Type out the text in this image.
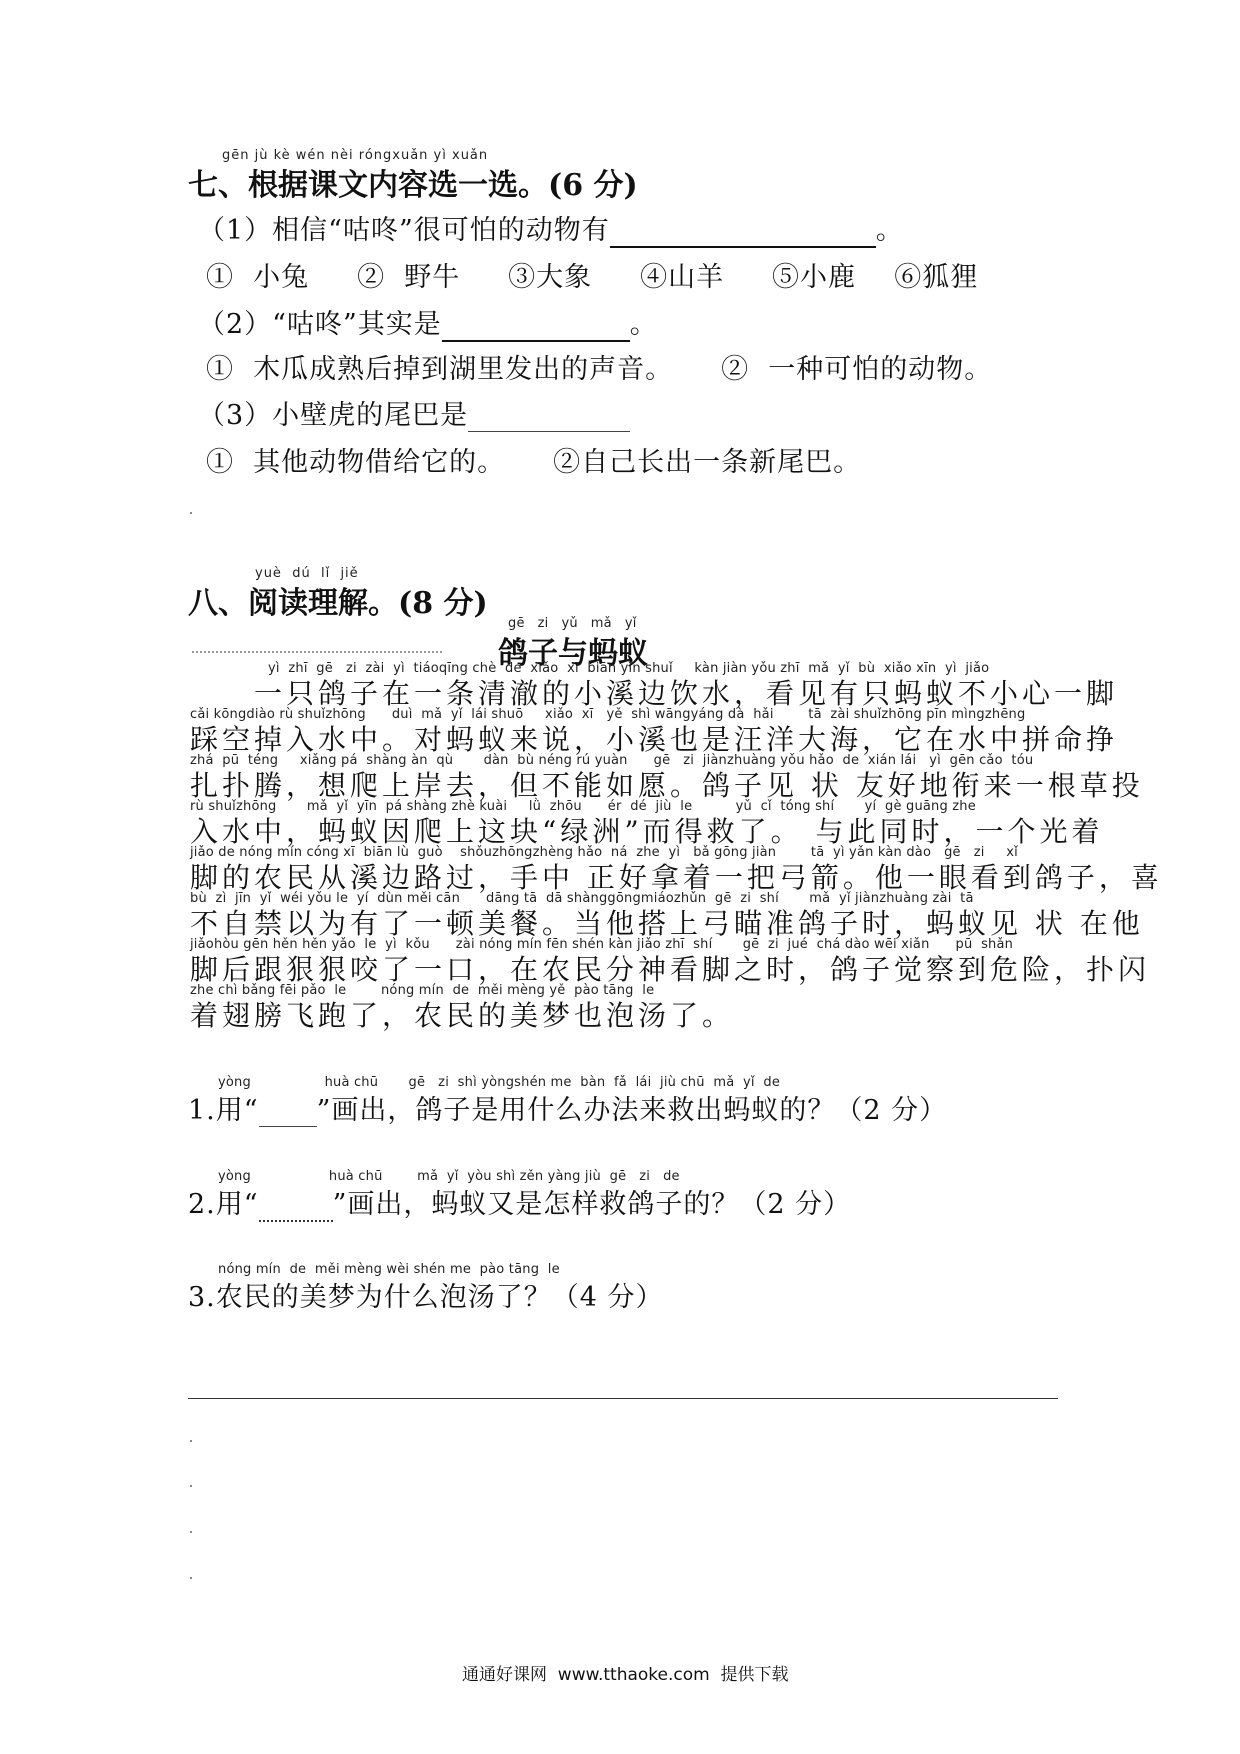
gēn jù kè wén nèi róngxuǎn yì xuǎn
七、根据课文内容选一选。(6 分)
（1）相信“咕咚”很可怕的动物有	。
①  小兔     ②  野牛     ③大象     ④山羊     ⑤小鹿    ⑥狐狸
（2）“咕咚”其实是	。
①  木瓜成熟后掉到湖里发出的声音。     ②  一种可怕的动物。
（3）小壁虎的尾巴是
①  其他动物借给它的。     ②自己长出一条新尾巴。
yuè  dú  lǐ  jiě
八、阅读理解。(8 分)
gē   zi   yǔ   mǎ   yǐ
鸽子与蚂蚁
yì  zhī  gē   zi  zài  yì  tiáoqīng chè  de  xiǎo  xī  biān yǐn shuǐ     kàn jiàn yǒu zhī  mǎ  yǐ  bù  xiǎo xīn  yì  jiǎo
　　一只鸽子在一条清澈的小溪边饮水，看见有只蚂蚁不小心一脚
cǎi kōngdiào rù shuǐzhōng      duì  mǎ  yǐ  lái shuō     xiǎo  xī   yě  shì wāngyáng dà  hǎi        tā  zài shuǐzhōng pīn mìngzhēng
踩空掉入水中。对蚂蚁来说，小溪也是汪洋大海，它在水中拼命挣
zhá  pū  téng     xiǎng pá  shàng àn  qù       dàn  bù néng rú yuàn      gē   zi  jiànzhuàng yǒu hǎo  de  xián lái   yì  gēn cǎo  tóu
扎扑腾，想爬上岸去，但不能如愿。鸽子见 状 友好地衔来一根草投
rù shuǐzhōng       mǎ  yǐ  yīn  pá shàng zhè kuài     lǜ  zhōu      ér  dé  jiù  le          yǔ  cǐ  tóng shí       yí  gè guāng zhe
入水中，蚂蚁因爬上这块“绿洲”而得救了。 与此同时，一个光着
jiǎo de nóng mín cóng xī  biān lù  guò    shǒuzhōngzhèng hǎo  ná  zhe  yì   bǎ gōng jiàn        tā  yì yǎn kàn dào   gē   zi     xǐ
脚的农民从溪边路过，手中 正好拿着一把弓箭。他一眼看到鸽子，喜
bù  zì  jīn  yǐ  wéi yǒu le  yí  dùn měi cān      dāng tā  dā shànggōngmiáozhǔn  gē  zi  shí       mǎ  yǐ jiànzhuàng zài  tā
不自禁以为有了一顿美餐。当他搭上弓瞄准鸽子时，蚂蚁见 状 在他
jiǎohòu gēn hěn hěn yǎo  le  yì  kǒu      zài nóng mín fēn shén kàn jiǎo zhī  shí       gē  zi  jué  chá dào wēi xiǎn      pū  shǎn
脚后跟狠狠咬了一口，在农民分神看脚之时，鸽子觉察到危险，扑闪
zhe chì bǎng fēi pǎo  le        nóng mín  de  měi mèng yě  pào tāng  le
着翅膀飞跑了，农民的美梦也泡汤了。
yòng                 huà chū       gē   zi  shì yòngshén me  bàn  fǎ  lái  jiù chū  mǎ  yǐ  de
1.用“ ”画出，鸽子是用什么办法来救出蚂蚁的？（2 分）
yòng                  huà chū        mǎ  yǐ  yòu shì zěn yàng jiù  gē   zi   de
2.用“	”画出，蚂蚁又是怎样救鸽子的？（2 分）
nóng mín  de  měi mèng wèi shén me  pào tāng  le
3.农民的美梦为什么泡汤了？（4 分）
通通好课网  www.tthaoke.com  提供下载
